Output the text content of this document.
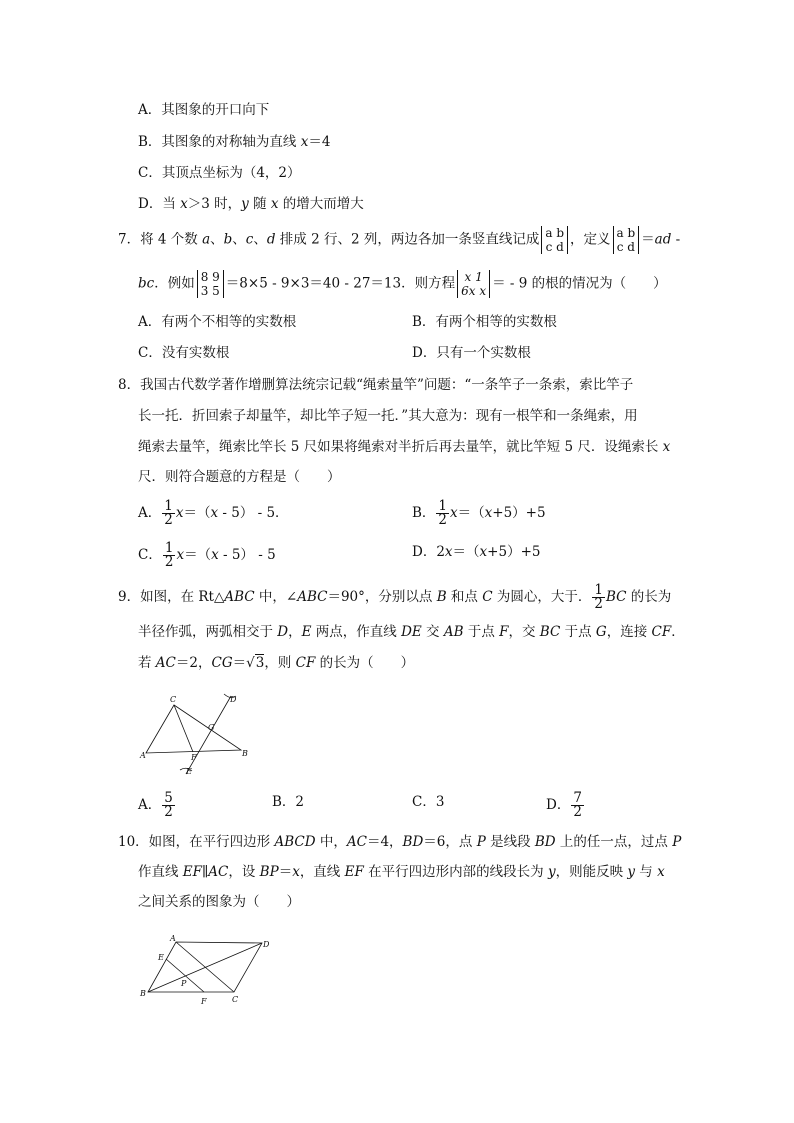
A．其图象的开口向下
B．其图象的对称轴为直线 x＝4
C．其顶点坐标为（4，2）
D．当 x＞3 时，y 随 x 的增大而增大
7．将 4 个数 a、b、c、d 排成 2 行、2 列，两边各加一条竖直线记成 a b
c d ，定义 a b
c d ＝ad -
bc．例如 8 9
3 5 ＝8×5 - 9×3＝40 - 27＝13．则方程 x 1
6x x ＝ - 9 的根的情况为（　　）
A．有两个不相等的实数根	B．有两个相等的实数根
C．没有实数根	D．只有一个实数根
8．我国古代数学著作增删算法统宗记载“绳索量竿”问题：“一条竿子一条索，索比竿子
长一托．折回索子却量竿，却比竿子短一托．”其大意为：现有一根竿和一条绳索，用
绳索去量竿，绳索比竿长 5 尺如果将绳索对半折后再去量竿，就比竿短 5 尺．设绳索长 x
尺．则符合题意的方程是（　　）
A． $\frac{1}{2} x=(x - 5) - 5$．	B． $\frac{1}{2} x=(x+5)+5$
C． $\frac{1}{2} x=(x - 5) - 5$	D．2x＝（x+5）+5
9．如图，在 Rt△ABC 中，∠ABC＝90°，分别以点 B 和点 C 为圆心，大于． $\frac{1}{2}$ BC 的长为
半径作弧，两弧相交于 D，E 两点，作直线 DE 交 AB 于点 F，交 BC 于点 G，连接 CF．
若 AC＝2，CG＝√3，则 CF 的长为（　　）
A	B
C	D
E
F
G
A． $\frac{5}{2}$	B．2	C．3	D． $\frac{7}{2}$
10．如图，在平行四边形 ABCD 中，AC＝4，BD＝6，点 P 是线段 BD 上的任一点，过点 P
作直线 EF∥AC，设 BP＝x，直线 EF 在平行四边形内部的线段长为 y，则能反映 y 与 x
之间关系的图象为（　　）
A
B
C
D
E
F
P
